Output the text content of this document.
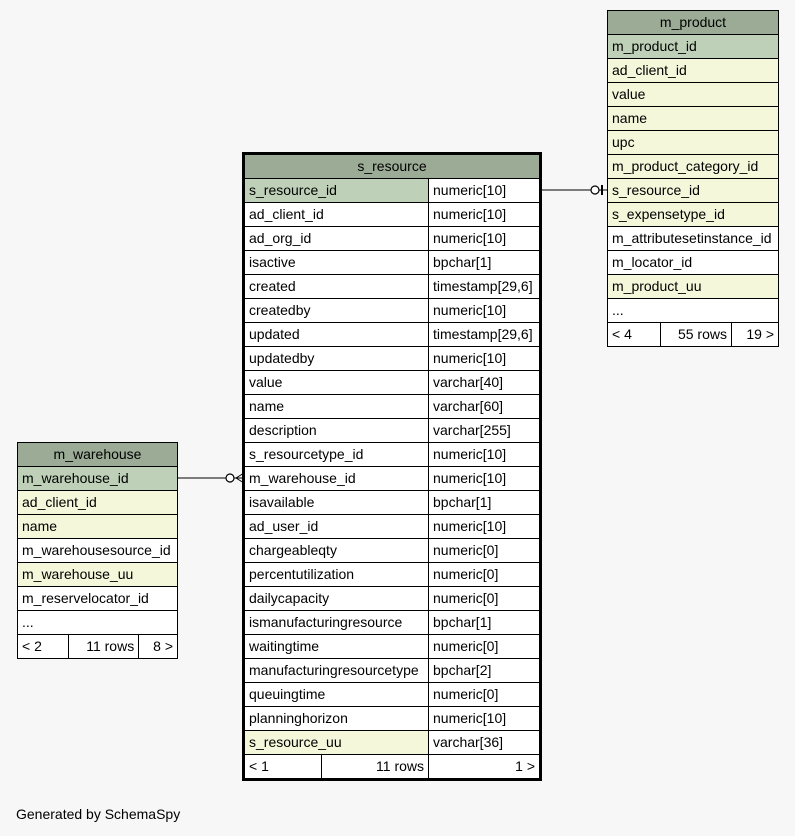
m_product
m_product_id
ad_client_id
value
name
upc
m_product_category_id
s_resource_id
s_expensetype_id
m_attributesetinstance_id
m_locator_id
m_product_uu
...
< 4	55 rows	19 >
s_resource		
s_resource_id		numeric[10]
ad_client_id		numeric[10]
ad_org_id		numeric[10]
isactive		bpchar[1]
created		timestamp[29,6]
createdby		numeric[10]
updated		timestamp[29,6]
updatedby		numeric[10]
value		varchar[40]
name		varchar[60]
description		varchar[255]
s_resourcetype_id		numeric[10]
m_warehouse_id		numeric[10]
isavailable		bpchar[1]
ad_user_id		numeric[10]
chargeableqty		numeric[0]
percentutilization		numeric[0]
dailycapacity		numeric[0]
ismanufacturingresource		bpchar[1]
waitingtime		numeric[0]
manufacturingresourcetype		bpchar[2]
queuingtime		numeric[0]
planninghorizon		numeric[10]
s_resource_uu		varchar[36]
< 1	11 rows	1 >
m_warehouse
m_warehouse_id
ad_client_id
name
m_warehousesource_id
m_warehouse_uu
m_reservelocator_id
...
< 2	11 rows	8 >
Generated by SchemaSpy
